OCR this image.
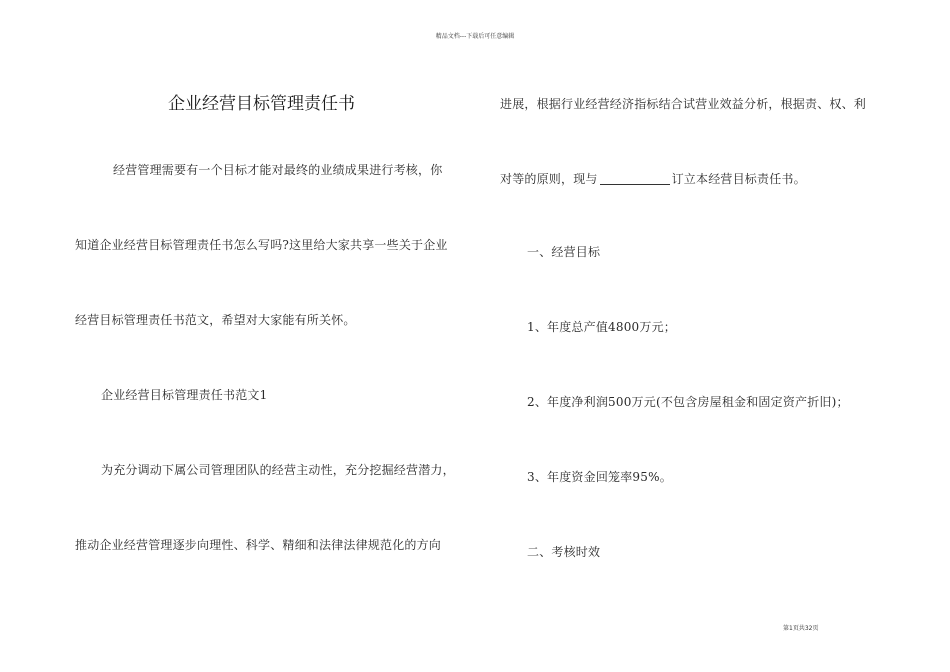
精品文档---下载后可任意编辑
企业经营目标管理责任书
经营管理需要有一个目标才能对最终的业绩成果进行考核，你
知道企业经营目标管理责任书怎么写吗?这里给大家共享一些关于企业
经营目标管理责任书范文，希望对大家能有所关怀。
企业经营目标管理责任书范文1
为充分调动下属公司管理团队的经营主动性，充分挖掘经营潜力，
推动企业经营管理逐步向理性、科学、精细和法律法律规范化的方向
进展，根据行业经营经济指标结合试营业效益分析，根据责、权、利
对等的原则，现与	订立本经营目标责任书。
一、经营目标
1、年度总产值4800万元；
2、年度净利润500万元(不包含房屋租金和固定资产折旧)；
3、年度资金回笼率95%。
二、考核时效
第1页共32页
